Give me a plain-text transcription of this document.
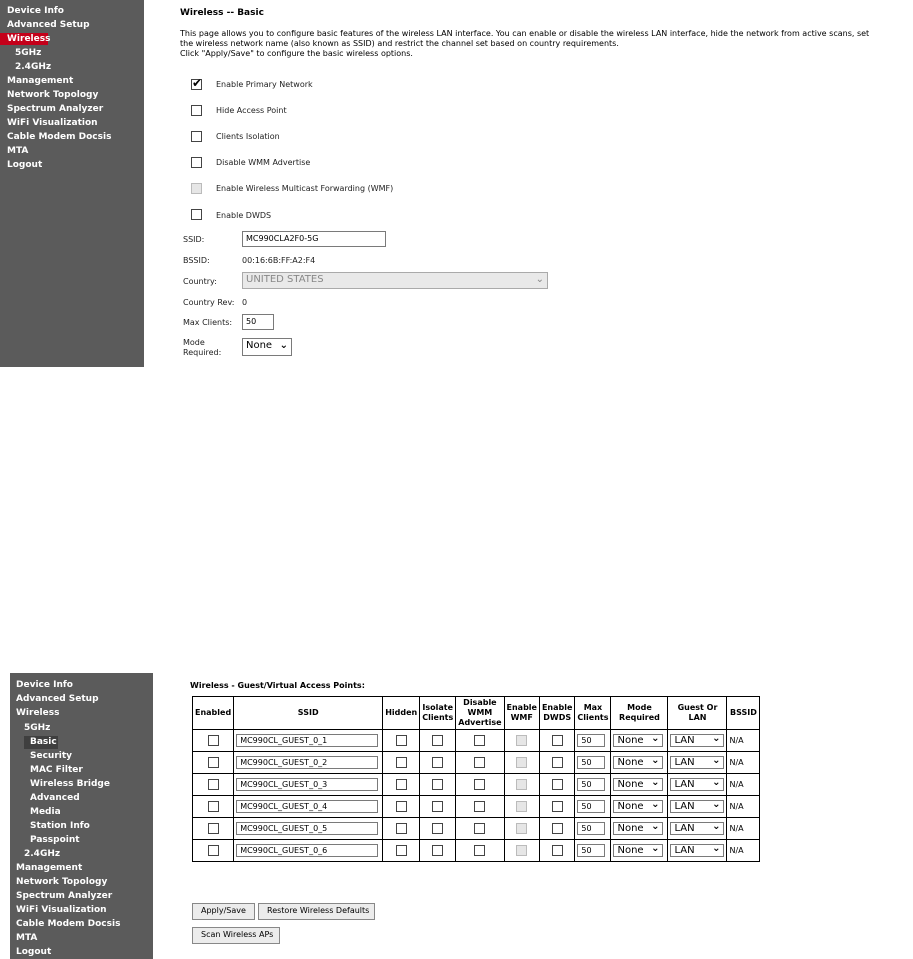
Device Info
Advanced Setup
Wireless
5GHz
2.4GHz
Management
Network Topology
Spectrum Analyzer
WiFi Visualization
Cable Modem Docsis
MTA
Logout
Wireless -- Basic
This page allows you to configure basic features of the wireless LAN interface. You can enable or disable the wireless LAN interface, hide the network from active scans, set the wireless network name (also known as SSID) and restrict the channel set based on country requirements.
Click "Apply/Save" to configure the basic wireless options.
✔ Enable Primary Network
Hide Access Point
Clients Isolation
Disable WMM Advertise
Enable Wireless Multicast Forwarding (WMF)
Enable DWDS
SSID:	MC990CLA2F0-5G
BSSID:	00:16:6B:FF:A2:F4
Country:	UNITED STATES	⌄
Country Rev: 0
Max Clients:	50
Mode
Required:
None ⌄
Device Info
Advanced Setup
Wireless
5GHz
Basic
Security
MAC Filter
Wireless Bridge
Advanced
Media
Station Info
Passpoint
2.4GHz
Management
Network Topology
Spectrum Analyzer
WiFi Visualization
Cable Modem Docsis
MTA
Logout
Wireless - Guest/Virtual Access Points:
Enabled	SSID	Hidden	Isolate Clients	Disable WMM Advertise	Enable WMF	Enable DWDS	Max Clients	Mode Required	Guest Or LAN	BSSID
	MC990CL_GUEST_0_1						50	None ⌄	LAN ⌄	N/A
	MC990CL_GUEST_0_2						50	None ⌄	LAN ⌄	N/A
	MC990CL_GUEST_0_3						50	None ⌄	LAN ⌄	N/A
	MC990CL_GUEST_0_4						50	None ⌄	LAN ⌄	N/A
	MC990CL_GUEST_0_5						50	None ⌄	LAN ⌄	N/A
	MC990CL_GUEST_0_6						50	None ⌄	LAN ⌄	N/A
Apply/Save	Restore Wireless Defaults
Scan Wireless APs
